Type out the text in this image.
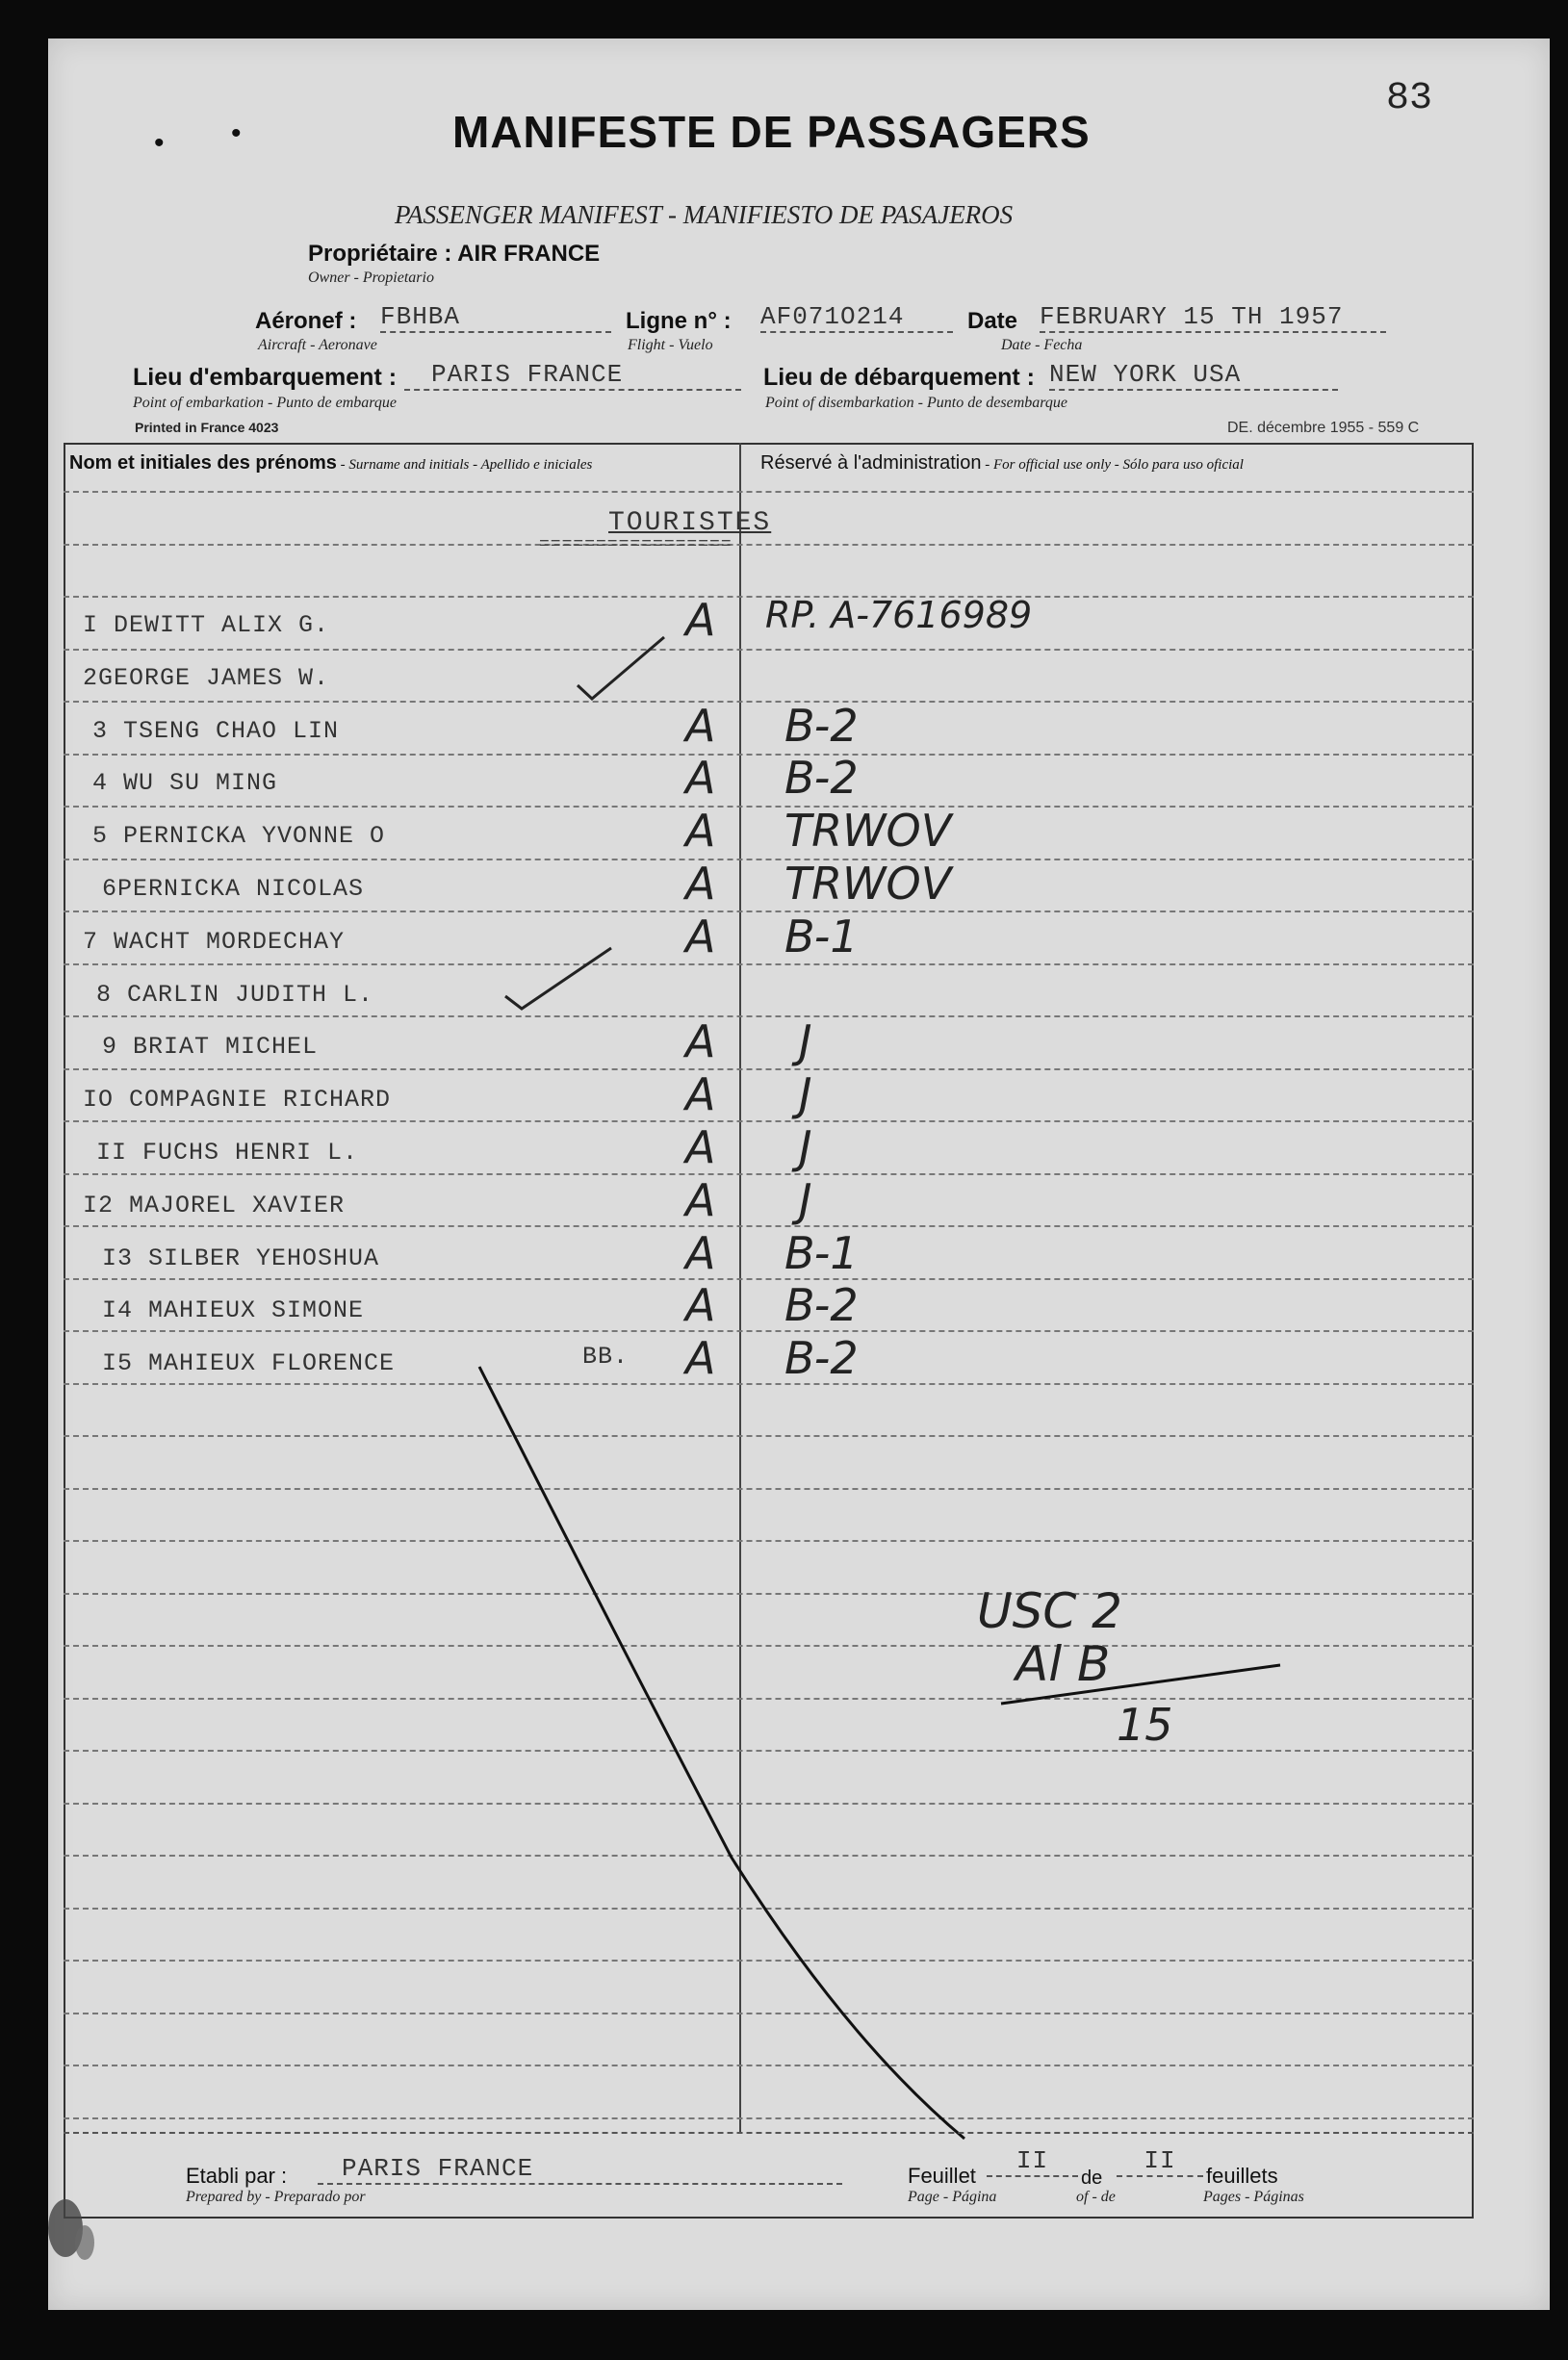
83
• •	MANIFESTE DE PASSAGERS
PASSENGER MANIFEST - MANIFIESTO DE PASAJEROS
Propriétaire : AIR FRANCE
Owner - Propietario
Aéronef : FBHBA
Aircraft - Aeronave
Ligne n° : AF071O214
Flight - Vuelo
Date FEBRUARY 15 TH 1957
Date - Fecha
Lieu d'embarquement :	PARIS FRANCE
Point of embarkation - Punto de embarque
Lieu de débarquement : NEW YORK USA
Point of disembarkation - Punto de desembarque
Printed in France 4023	DE. décembre 1955 - 559 C
Nom et initiales des prénoms - Surname and initials - Apellido e iniciales	Réservé à l'administration - For official use only - Sólo para uso oficial
TOURISTES
=================
I DEWITT ALIX G.	A RP. A-7616989
2GEORGE JAMES W.
3 TSENG CHAO LIN	A B-2
4 WU SU MING	A B-2
5 PERNICKA YVONNE O	A TRWOV
6PERNICKA NICOLAS	A TRWOV
7 WACHT MORDECHAY	A B-1
8 CARLIN JUDITH L.
9 BRIAT MICHEL	A J
IO COMPAGNIE RICHARD	A J
II FUCHS HENRI L.	A J
I2 MAJOREL XAVIER	A J
I3 SILBER YEHOSHUA	A B-1
I4 MAHIEUX SIMONE	A B-2
I5 MAHIEUX FLORENCE	A B-2
BB.
USC 2
Al B
15
Etabli par :	PARIS FRANCE
Prepared by - Preparado por
Feuillet
II
Page - Página
de
II
of - de
feuillets
Pages - Páginas
